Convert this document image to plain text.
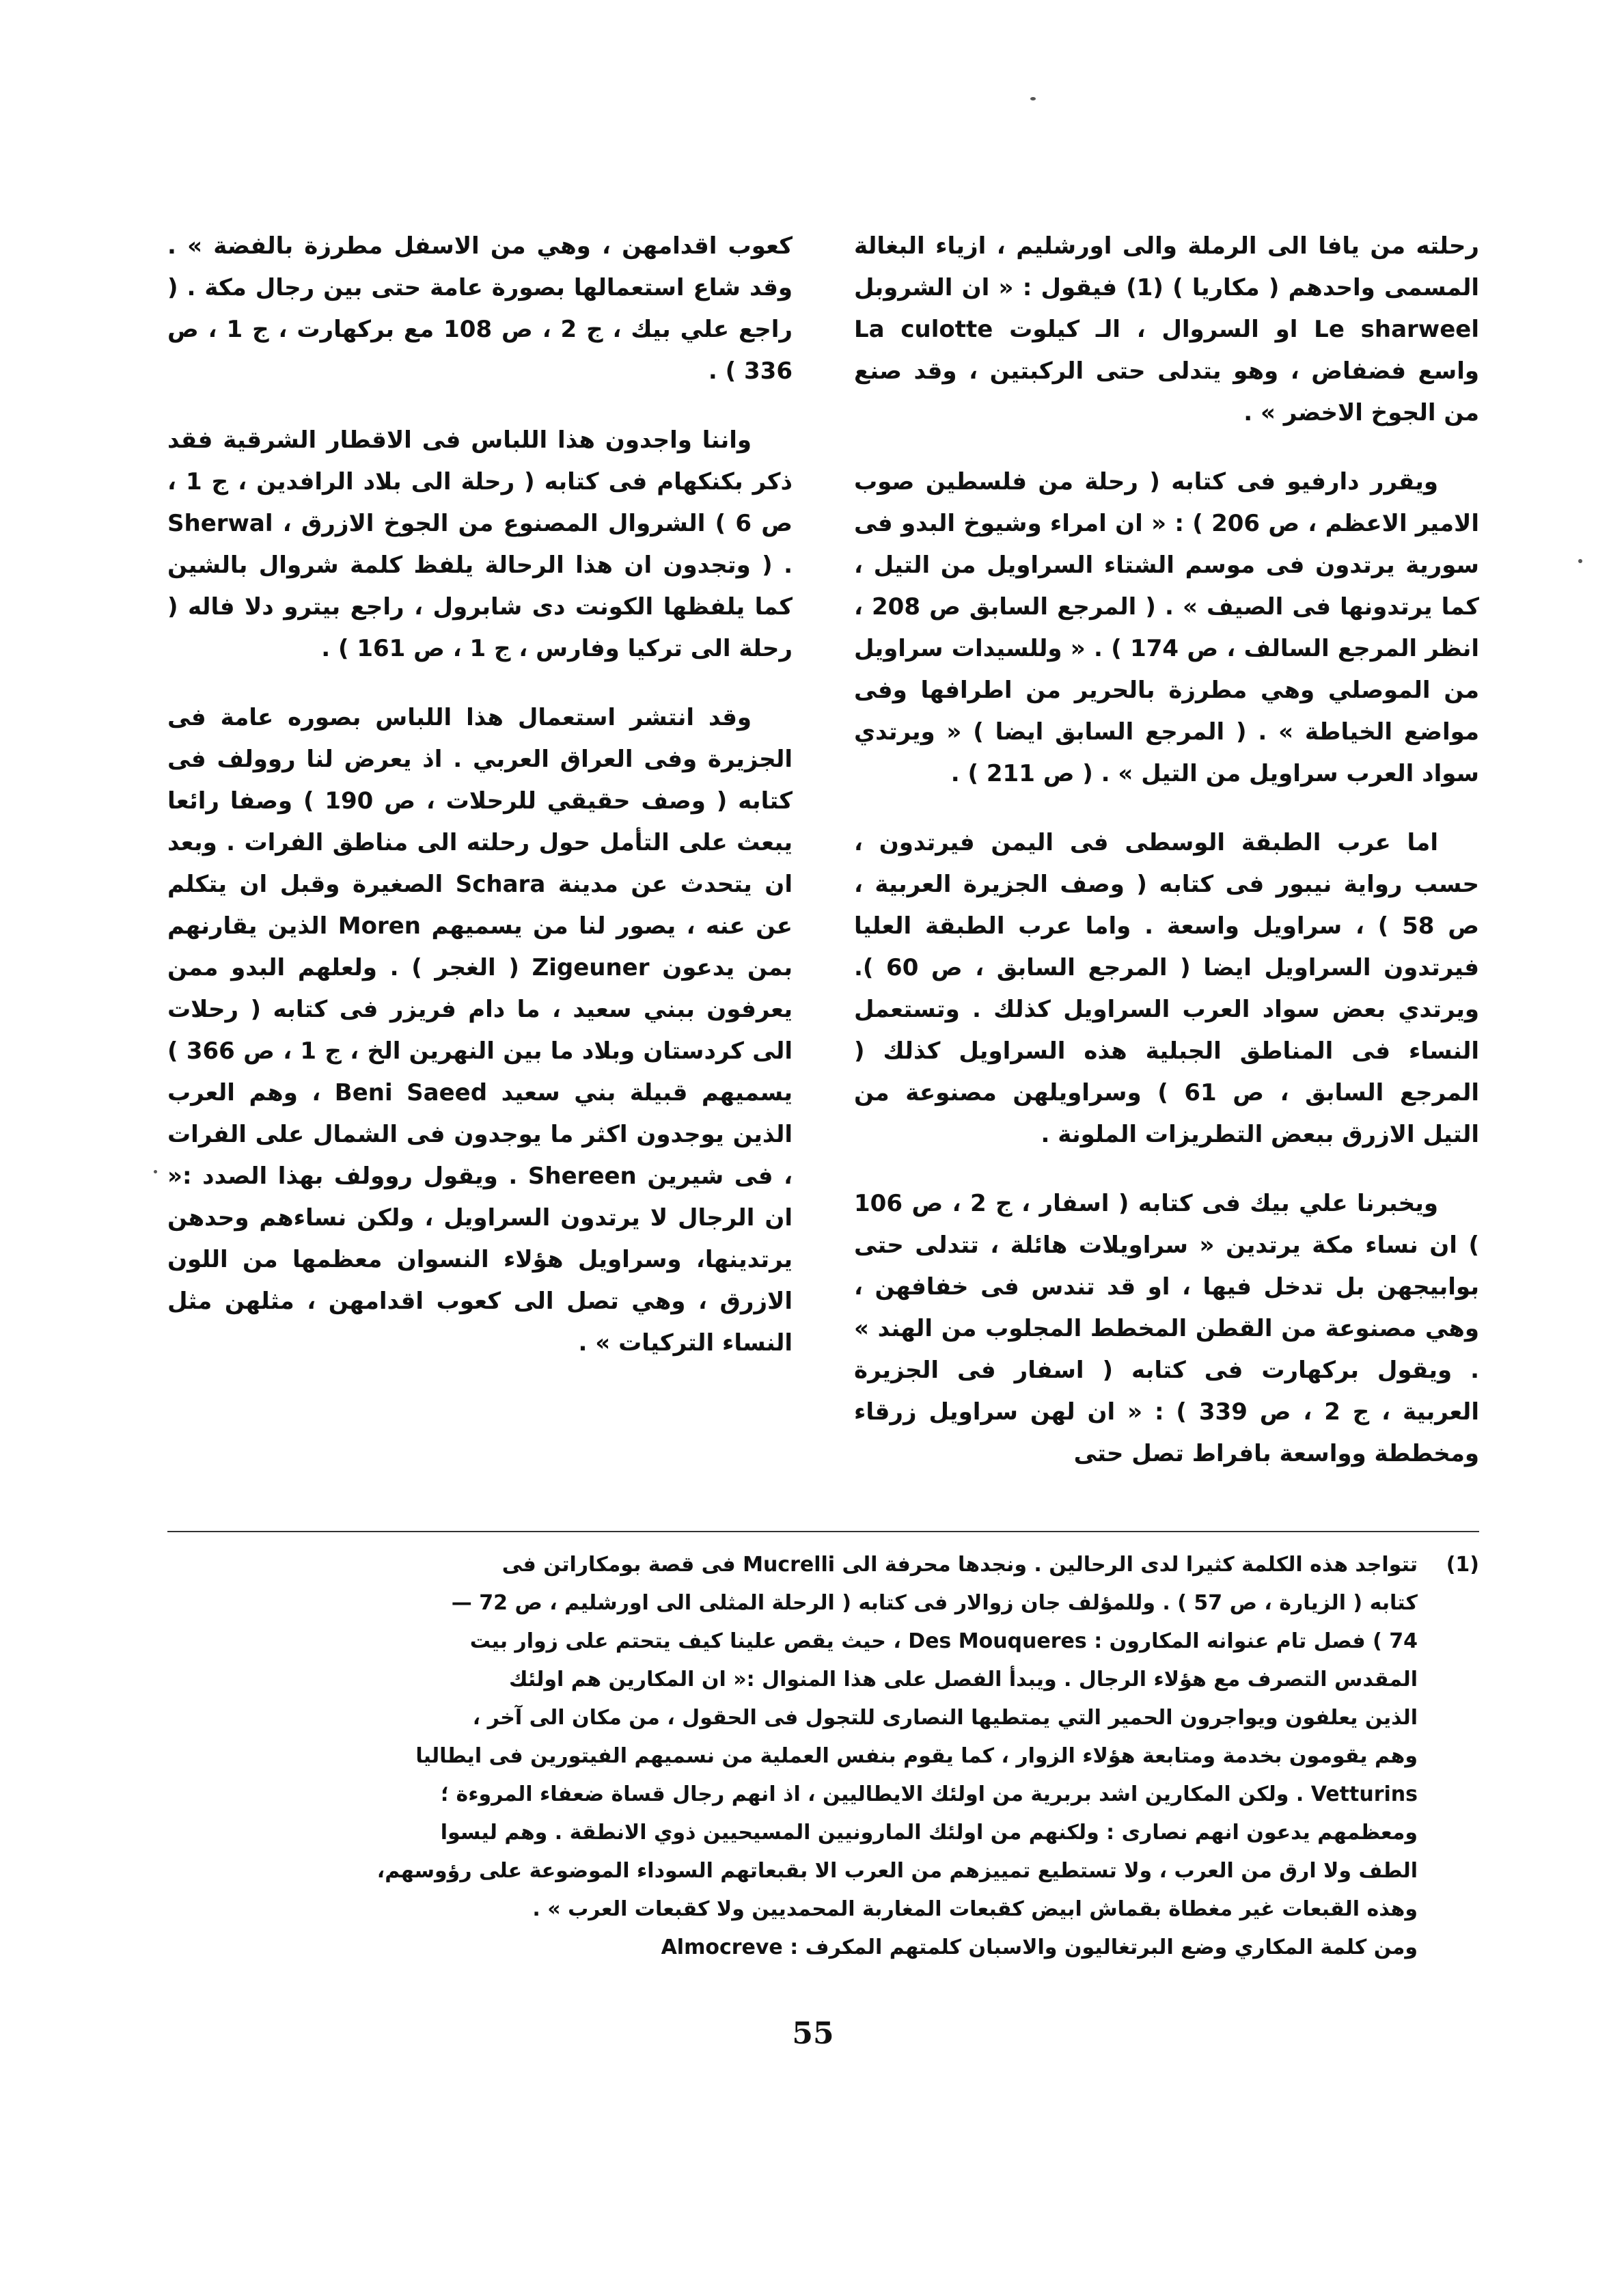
رحلته من يافا الى الرملة والى اورشليم ، ازياء البغالة المسمى واحدهم ( مكاريا ) (1) فيقول : « ان الشروبل Le sharweel او السروال ، الـ كيلوت La culotte واسع فضفاض ، وهو يتدلى حتى الركبتين ، وقد صنع من الجوخ الاخضر » .

ويقرر دارفيو فى كتابه ( رحلة من فلسطين صوب الامير الاعظم ، ص 206 ) : « ان امراء وشيوخ البدو فى سورية يرتدون فى موسم الشتاء السراويل من التيل ، كما يرتدونها فى الصيف » . ( المرجع السابق ص 208 ، انظر المرجع السالف ، ص 174 ) . « وللسيدات سراويل من الموصلي وهي مطرزة بالحرير من اطرافها وفى مواضع الخياطة » . ( المرجع السابق ايضا ) « ويرتدي سواد العرب سراويل من التيل » . ( ص 211 ) .

اما عرب الطبقة الوسطى فى اليمن فيرتدون ، حسب رواية نيبور فى كتابه ( وصف الجزيرة العربية ، ص 58 ) ، سراويل واسعة . واما عرب الطبقة العليا فيرتدون السراويل ايضا ( المرجع السابق ، ص 60 ). ويرتدي بعض سواد العرب السراويل كذلك . وتستعمل النساء فى المناطق الجبلية هذه السراويل كذلك ( المرجع السابق ، ص 61 ) وسراويلهن مصنوعة من التيل الازرق ببعض التطريزات الملونة .

ويخبرنا علي بيك فى كتابه ( اسفار ، ج 2 ، ص 106 ) ان نساء مكة يرتدين « سراويلات هائلة ، تتدلى حتى بوابيجهن بل تدخل فيها ، او قد تندس فى خفافهن ، وهي مصنوعة من القطن المخطط المجلوب من الهند » . ويقول بركهارت فى كتابه ( اسفار فى الجزيرة العربية ، ج 2 ، ص 339 ) : « ان لهن سراويل زرقاء ومخططة وواسعة بافراط تصل حتى

كعوب اقدامهن ، وهي من الاسفل مطرزة بالفضة » . وقد شاع استعمالها بصورة عامة حتى بين رجال مكة . ( راجع علي بيك ، ج 2 ، ص 108 مع بركهارت ، ج 1 ، ص 336 ) .

واننا واجدون هذا اللباس فى الاقطار الشرقية فقد ذكر بكنكهام فى كتابه ( رحلة الى بلاد الرافدين ، ج 1 ، ص 6 ) الشروال المصنوع من الجوخ الازرق ، Sherwal . ( وتجدون ان هذا الرحالة يلفظ كلمة شروال بالشين كما يلفظها الكونت دى شابرول ، راجع بيترو دلا فاله ( رحلة الى تركيا وفارس ، ج 1 ، ص 161 ) .

وقد انتشر استعمال هذا اللباس بصوره عامة فى الجزيرة وفى العراق العربي . اذ يعرض لنا روولف فى كتابه ( وصف حقيقي للرحلات ، ص 190 ) وصفا رائعا يبعث على التأمل حول رحلته الى مناطق الفرات . وبعد ان يتحدث عن مدينة Schara الصغيرة وقبل ان يتكلم عن عنه ، يصور لنا من يسميهم Moren الذين يقارنهم بمن يدعون Zigeuner ( الغجر ) . ولعلهم البدو ممن يعرفون ببني سعيد ، ما دام فريزر فى كتابه ( رحلات الى كردستان وبلاد ما بين النهرين الخ ، ج 1 ، ص 366 ) يسميهم قبيلة بني سعيد Beni Saeed ، وهم العرب الذين يوجدون اكثر ما يوجدون فى الشمال على الفرات ، فى شيرين Shereen . ويقول روولف بهذا الصدد :« ان الرجال لا يرتدون السراويل ، ولكن نساءهم وحدهن يرتدينها، وسراويل هؤلاء النسوان معظمها من اللون الازرق ، وهي تصل الى كعوب اقدامهن ، مثلهن مثل النساء التركيات » .

(1)
تتواجد هذه الكلمة كثيرا لدى الرحالين . ونجدها محرفة الى Mucrelli فى قصة بومكاراتن فى
كتابه ( الزيارة ، ص 57 ) . وللمؤلف جان زوالار فى كتابه ( الرحلة المثلى الى اورشليم ، ص 72 —
74 ) فصل تام عنوانه المكارون : Des Mouqueres ، حيث يقص علينا كيف يتحتم على زوار بيت
المقدس التصرف مع هؤلاء الرجال . ويبدأ الفصل على هذا المنوال :« ان المكارين هم اولئك
الذين يعلفون ويواجرون الحمير التي يمتطيها النصارى للتجول فى الحقول ، من مكان الى آخر ،
وهم يقومون بخدمة ومتابعة هؤلاء الزوار ، كما يقوم بنفس العملية من نسميهم الفيتورين فى ايطاليا
Vetturins . ولكن المكارين اشد بربرية من اولئك الايطاليين ، اذ انهم رجال قساة ضعفاء المروءة ؛
ومعظمهم يدعون انهم نصارى : ولكنهم من اولئك المارونيين المسيحيين ذوي الانطقة . وهم ليسوا
الطف ولا ارق من العرب ، ولا تستطيع تمييزهم من العرب الا بقبعاتهم السوداء الموضوعة على رؤوسهم،
وهذه القبعات غير مغطاة بقماش ابيض كقبعات المغاربة المحمديين ولا كقبعات العرب » .
ومن كلمة المكاري وضع البرتغاليون والاسبان كلمتهم المكرف : Almocreve
55
